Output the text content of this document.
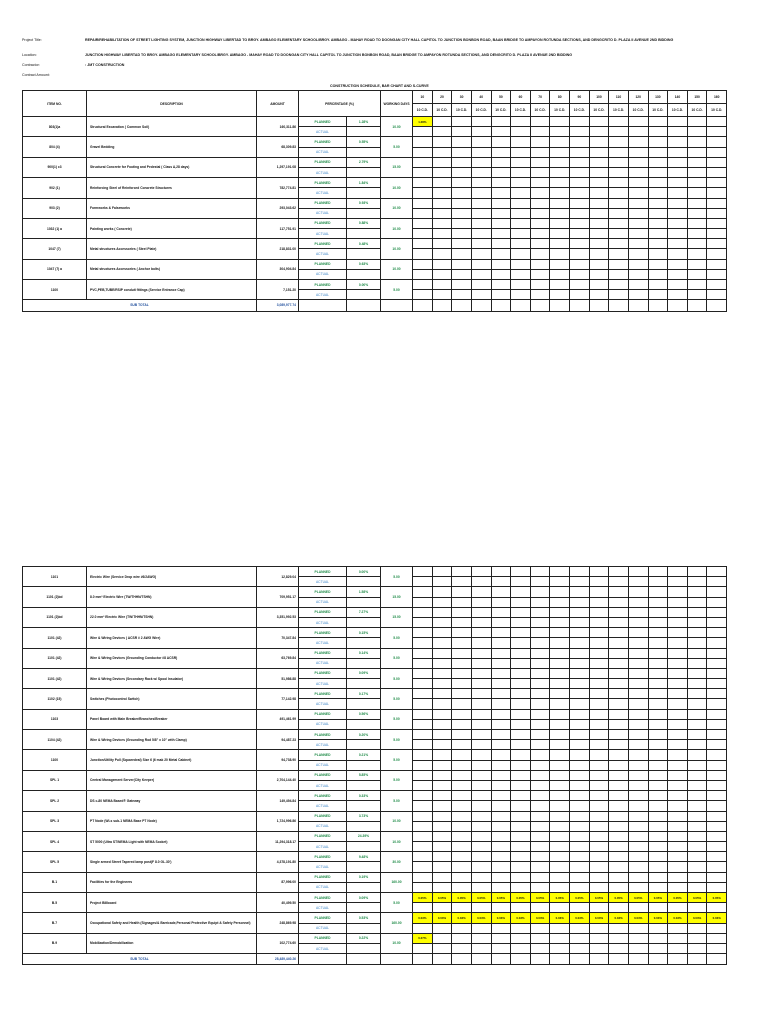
Project Title:	REPAIR/REHABILITATION OF STREET LIGHTING SYSTEM, JUNCTION HIGHWAY LIBERTAD TO BRGY. AMBAGO ELEMENTARY SCHOOL/BRGY. AMBAGO - MAHAY ROAD TO DOONGAN CITY HALL CAPITOL TO JUNCTION BONBON ROAD, BAAN BRIDGE TO AMPAYON ROTUNDA SECTIONS, AND DENGCRITO D. PLAZA II AVENUE 2ND BIDDING
Location:	JUNCTION HIGHWAY LIBERTAD TO BRGY. AMBAGO ELEMENTARY SCHOOL/BRGY. AMBAGO - MAHAY ROAD TO DOONGAN CITY HALL CAPITOL TO JUNCTION BONBON ROAD, BAAN BRIDGE TO AMPAYON ROTUNDA SECTIONS, AND DENGCRITO D. PLAZA II AVENUE 2ND BIDDING
Contractor:	: JMT CONSTRUCTION
Contract Amount:
CONSTRUCTION SCHEDULE, BAR CHART AND S-CURVE
ITEM NO.	DESCRIPTION	AMOUNT	PERCENTAGE (%)		WORKING DAYS	10	20	30	40	50	60	70	80	90	100	110	120	130	140	150	160
						10 C.D.	10 C.D.	10 C.D.	10 C.D.	10 C.D.	10 C.D.	10 C.D.	10 C.D.	10 C.D.	10 C.D.	10 C.D.	10 C.D.	10 C.D.	10 C.D.	10 C.D.	10 C.D.
803(1)a	Structural Excavation ( Common Soil)	160,311.86	PLANNED	1.28%	10.00	1.28%															
			ACTUAL																		
804 (4)	Gravel Bedding	68,309.83	PLANNED	0.55%	5.00																
			ACTUAL																		
900(1) c3	Structural Concrete for Footing and Pedestal ( Class A,28 days)	1,297,191.08	PLANNED	2.79%	15.00																
			ACTUAL																		
902 (1)	Reinforcing Steel of Reinforced Concrete Structures	782,774.81	PLANNED	1.84%	10.00																
			ACTUAL																		
903 (2)	Formworks & Falseworks	293,043.62	PLANNED	0.93%	10.00																
			ACTUAL																		
1032 (1) a	Painting works ( Concrete)	117,751.91	PLANNED	0.88%	10.00																
			ACTUAL																		
1047 (7)	Metal structures Accessories ( Steel Plate)	218,831.00	PLANNED	0.48%	10.00																
			ACTUAL																		
1047 (7) a	Metal structures Accessories ( Anchor bolts)	304,904.84	PLANNED	0.63%	10.00																
			ACTUAL																		
1100	PVC,PEB,TUBE/RSIP conduit fittings (Service Entrance Cap)	7,151.20	PLANNED	0.00%	5.00																
			ACTUAL																		
SUB TOTAL		3,089,977.74																			
1101	Electric Wire (Service Drop wire #6/2AWG)	12,829.04	PLANNED	0.00%	5.00																
			ACTUAL																		
1101 (2)bd	8.0 mm² Electric Wire (TW/THHN/TSHN)	709,951.17	PLANNED	1.58%	15.00																
			ACTUAL																		
1101 (2)bd	22.0 mm² Electric Wire (TW/THHN/TSHN)	3,351,992.53	PLANNED	7.27%	15.00																
			ACTUAL																		
1101 (42)	Wire & Wiring Devices ( ACSR # 2 AWG Wire)	70,347.84	PLANNED	0.15%	5.00																
			ACTUAL																		
1101 (42)	Wire & Wiring Devices (Grounding Conductor #8 ACSR)	63,769.84	PLANNED	0.14%	5.00																
			ACTUAL																		
1101 (42)	Wire & Wiring Devices (Secondary Rack w/ Spool Insulator)	51,986.88	PLANNED	0.09%	5.00																
			ACTUAL																		
1102 (15)	Switches (Photocontrol Switch)	77,142.98	PLANNED	0.17%	5.00																
			ACTUAL																		
1103	Panel Board with Main Breaker/Branches/Breaker	491,461.99	PLANNED	0.56%	5.00																
			ACTUAL																		
1104 (42)	Wire & Wiring Devices (Grounding Rod 5/8" x 10" with Clamp)	94,487.23	PLANNED	0.20%	5.00																
			ACTUAL																		
1100	Junction/Utility Pull (Squaredeal) Size 6 (6 mak 20 Metal Cabinet)	94,738.90	PLANNED	0.21%	5.00																
			ACTUAL																		
SPL 1	Central Management Server(City Keeper)	2,704,144.40	PLANNED	5.85%	5.00																
			ACTUAL																		
SPL 2	DS c-80 NEMA Based® Gateway	149,494.84	PLANNED	0.33%	5.00																
			ACTUAL																		
SPL 3	PT Node (Wi-s sub-1 NEMA Base PT Node)	1,724,996.86	PLANNED	3.73%	10.00																
			ACTUAL																		
SPL 4	ST 5000 (Ultra ST/NEMA Light with NEMA Socket)	11,294,318.17	PLANNED	24.39%	10.00																
			ACTUAL																		
SPL 5	Single armed Street Tapered lamp post(F 8.0 GL.30')	4,378,191.80	PLANNED	9.48%	30.00																
			ACTUAL																		
B.1	Facilities for the Engineers	87,996.00	PLANNED	0.19%	160.00																
			ACTUAL																		
B.5	Project Billboard	40,499.50	PLANNED	0.09%	5.00	0.05%	0.05%	0.05%	0.05%	0.05%	0.05%	0.05%	0.05%	0.05%	0.05%	0.05%	0.05%	0.05%	0.05%	0.05%	0.05%
			ACTUAL																		
B.7	Occupational Safety and Health (Signages/& Barricade,Personal Protective Equipt & Safety Personnel)	248,869.98	PLANNED	0.53%	160.00	0.03%	0.03%	0.03%	0.03%	0.03%	0.03%	0.03%	0.03%	0.03%	0.03%	0.03%	0.03%	0.03%	0.03%	0.03%	0.03%
			ACTUAL																		
B.9	Mobilization/Demobilization	102,774.60	PLANNED	0.22%	10.00	0.27%															
			ACTUAL																		
SUB TOTAL		28,489,440.26																			
